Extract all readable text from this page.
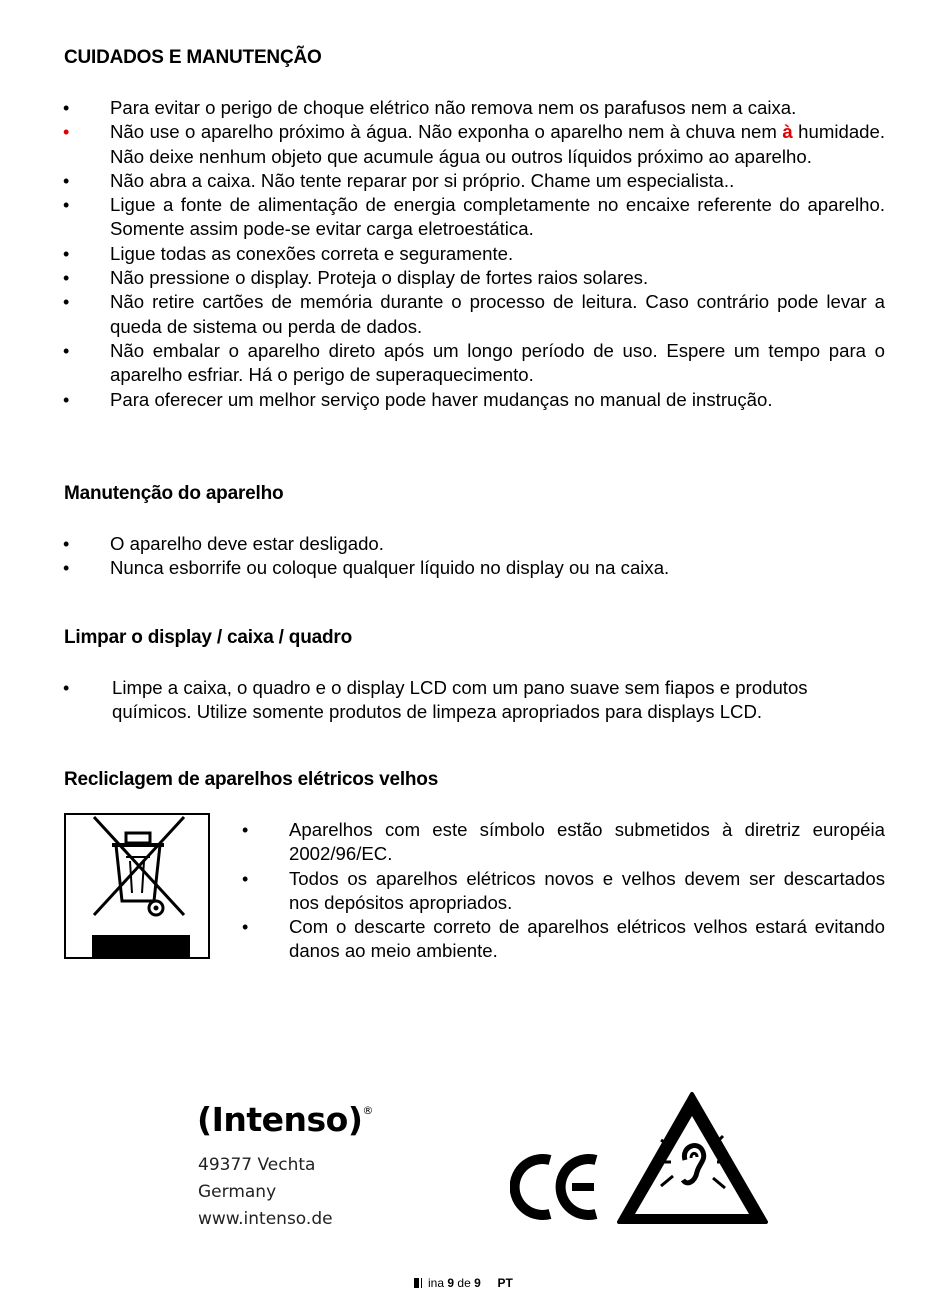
CUIDADOS E MANUTENÇÃO
• Para evitar o perigo de choque elétrico não remova nem os parafusos nem a caixa.
• Não use o aparelho próximo à água. Não exponha o aparelho nem à chuva nem à humidade. Não deixe nenhum objeto que acumule água ou outros líquidos próximo ao aparelho.
• Não abra a caixa. Não tente reparar por si próprio. Chame um especialista..
• Ligue a fonte de alimentação de energia completamente no encaixe referente do aparelho. Somente assim pode-se evitar carga eletroestática.
• Ligue todas as conexões correta e seguramente.
• Não pressione o display. Proteja o display de fortes raios solares.
• Não retire cartões de memória durante o processo de leitura. Caso contrário pode levar a queda de sistema ou perda de dados.
• Não embalar o aparelho direto após um longo período de uso. Espere um tempo para o aparelho esfriar. Há o perigo de superaquecimento.
• Para oferecer um melhor serviço pode haver mudanças no manual de instrução.
Manutenção do aparelho
• O aparelho deve estar desligado.
• Nunca esborrife ou coloque qualquer líquido no display ou na caixa.
Limpar o display / caixa / quadro
• Limpe a caixa, o quadro e o display LCD com um pano suave sem fiapos e produtos químicos. Utilize somente produtos de limpeza apropriados para displays LCD.
Recliclagem de aparelhos elétricos velhos
• Aparelhos com este símbolo estão submetidos à diretriz européia 2002/96/EC.
• Todos os aparelhos elétricos novos e velhos devem ser descartados nos depósitos apropriados.
• Com o descarte correto de aparelhos elétricos velhos estará evitando danos ao meio ambiente.
(Intenso)®
49377 Vechta
Germany
www.intenso.de
ina 9 de 9 PT
